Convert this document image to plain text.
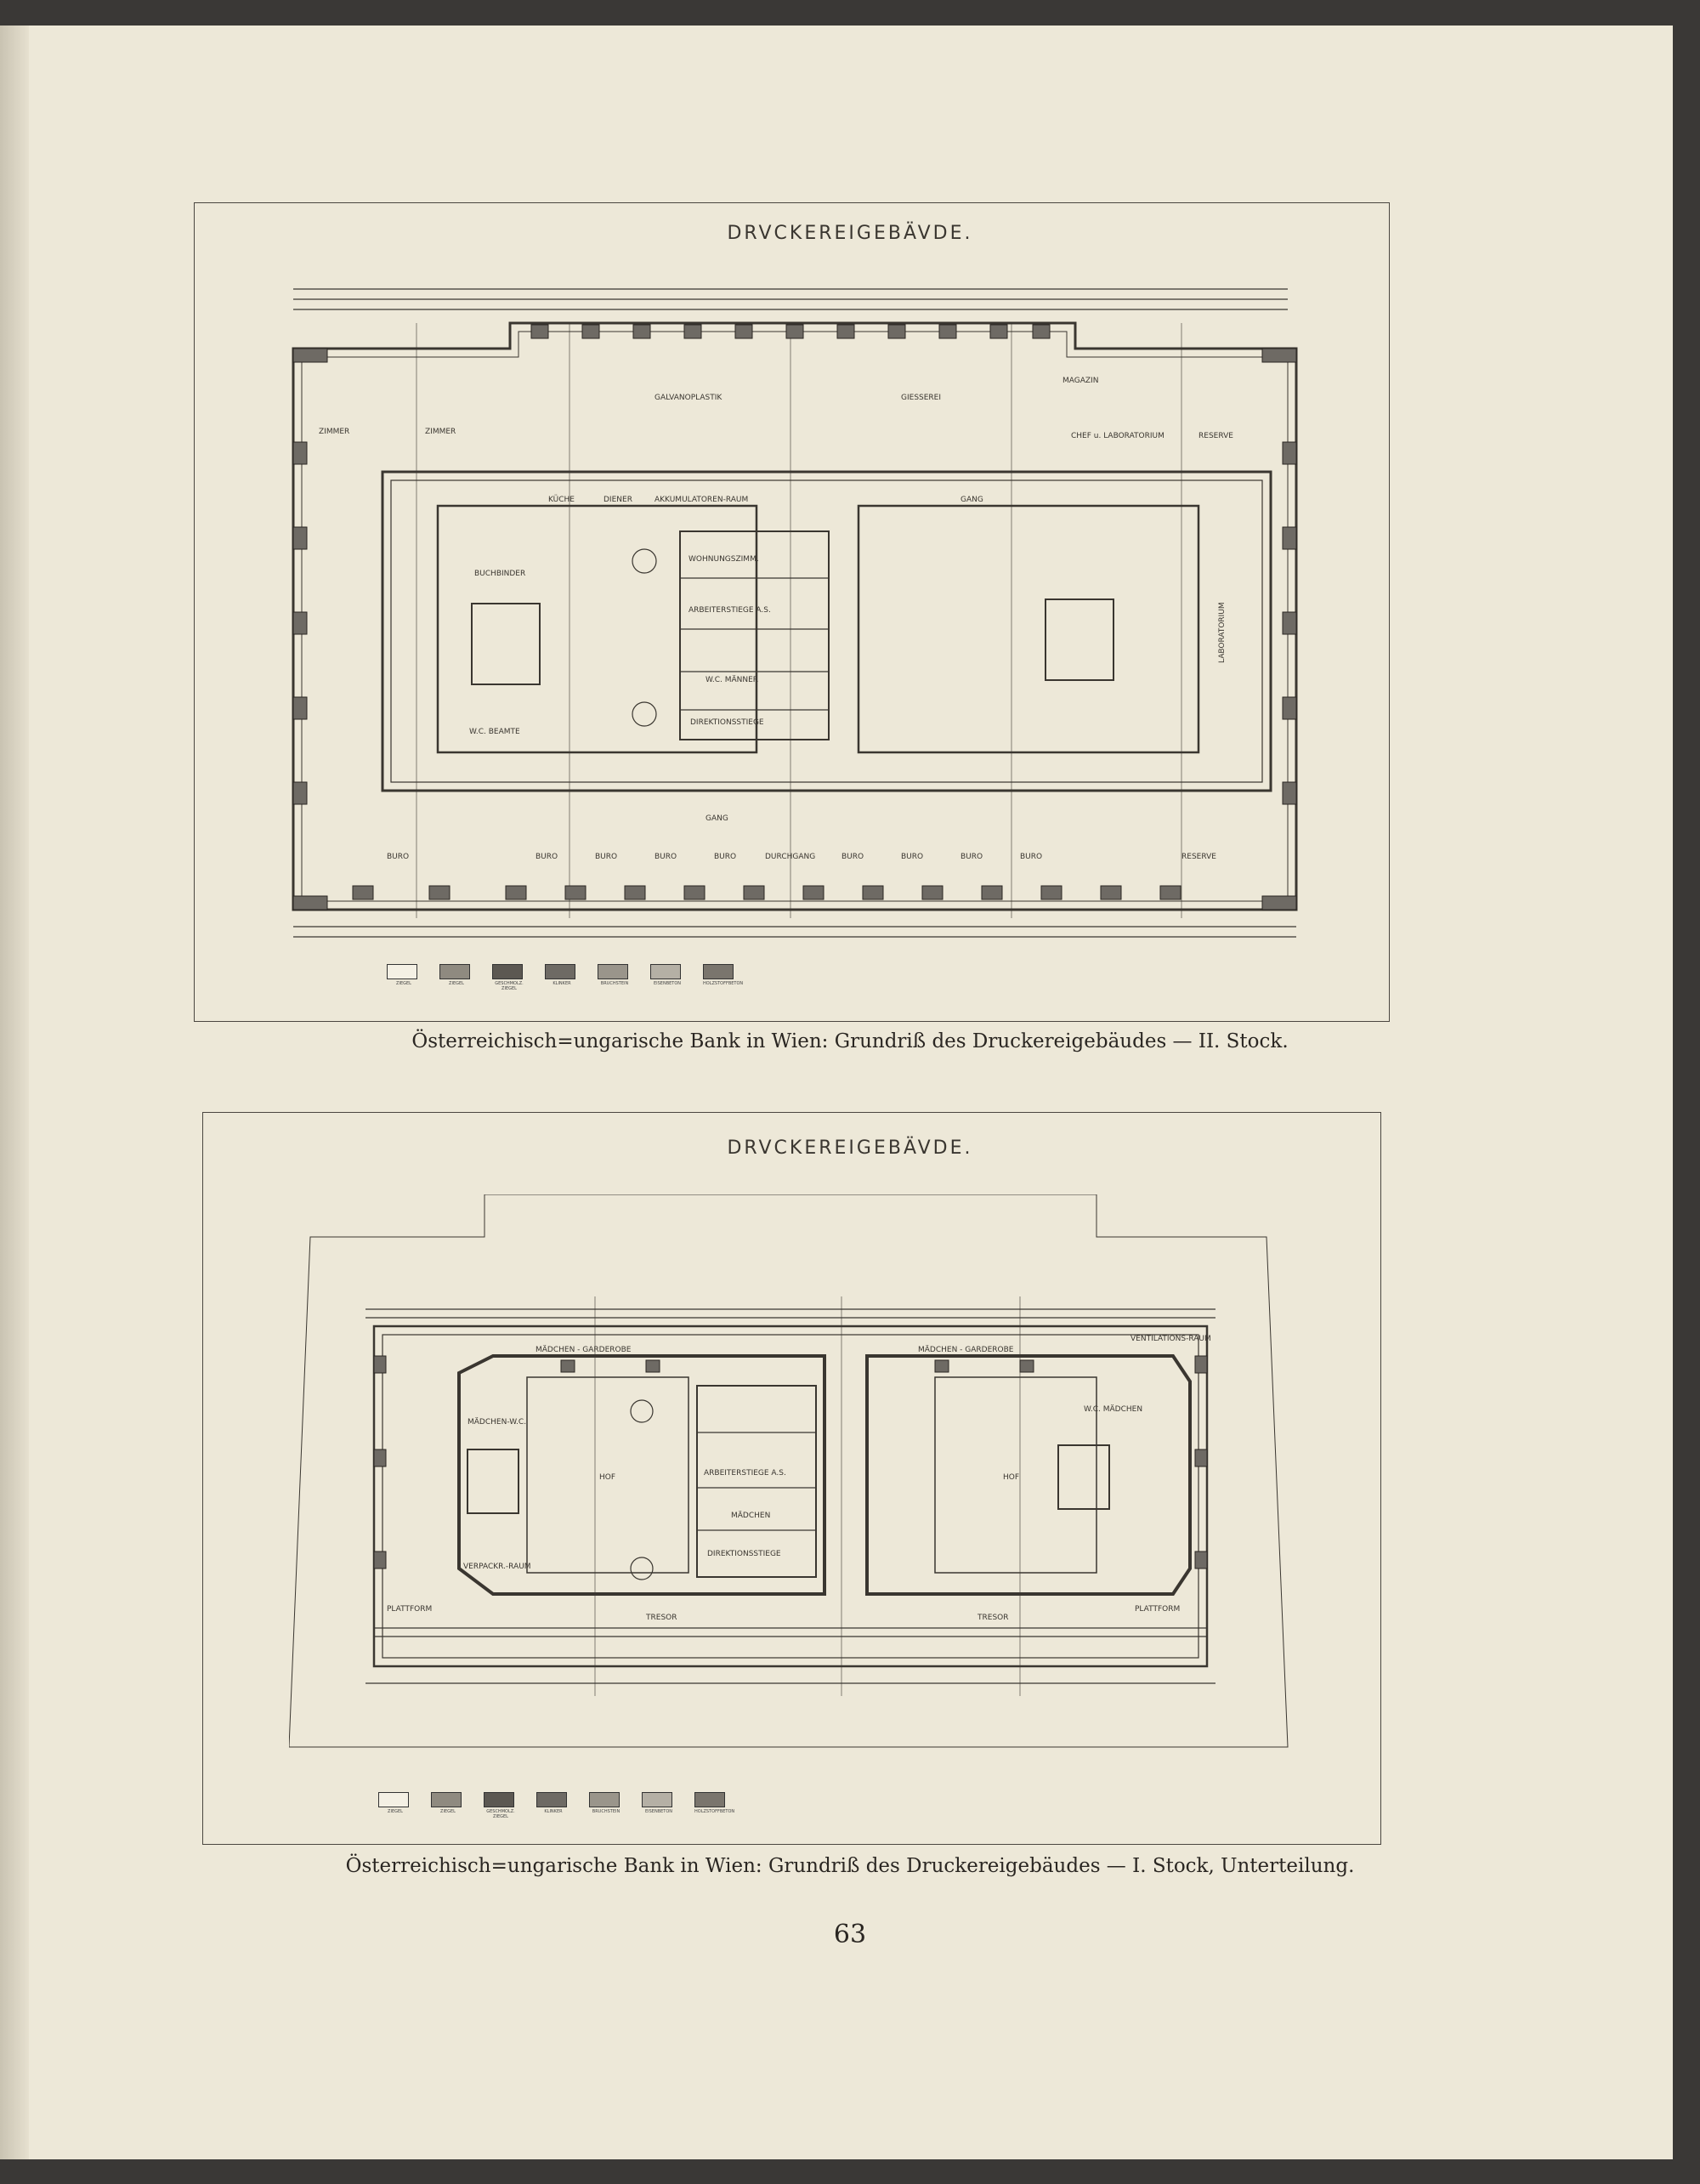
DRVCKEREIGEBÄVDE.
GALVANOPLASTIK	GIESSEREI
MAGAZIN
CHEF u. LABORATORIUM	RESERVE
ZIMMER	ZIMMER
AKKUMULATOREN-RAUM
KÜCHE	DIENER	GANG
WOHNUNGSZIMM.
ARBEITERSTIEGE A.S.
W.C. MÄNNER
DIREKTIONSSTIEGE
BUCHBINDER
W.C. BEAMTE
LABORATORIUM
GANG
BURO	BURO	BURO	BURO	BURO	DURCHGANG	BURO	BURO	BURO	BURO	RESERVE
ZIEGEL	ZIEGEL	GESCHMOLZ. ZIEGEL
KLINKER	BRUCHSTEIN	EISENBETON	HOLZSTOFFBETON
Österreichisch=ungarische Bank in Wien: Grundriß des Druckereigebäudes — II. Stock.
DRVCKEREIGEBÄVDE.
MÄDCHEN - GARDEROBE	MÄDCHEN - GARDEROBE
VENTILATIONS-RAUM
HOF	HOF
MÄDCHEN-W.C.
ARBEITERSTIEGE A.S.
MÄDCHEN
DIREKTIONSSTIEGE
VERPACKR.-RAUM
TRESOR	TRESOR
PLATTFORM	PLATTFORM
W.C. MÄDCHEN
ZIEGEL	ZIEGEL	GESCHMOLZ. ZIEGEL
KLINKER	BRUCHSTEIN	EISENBETON	HOLZSTOFFBETON
Österreichisch=ungarische Bank in Wien: Grundriß des Druckereigebäudes — I. Stock, Unterteilung.
63
